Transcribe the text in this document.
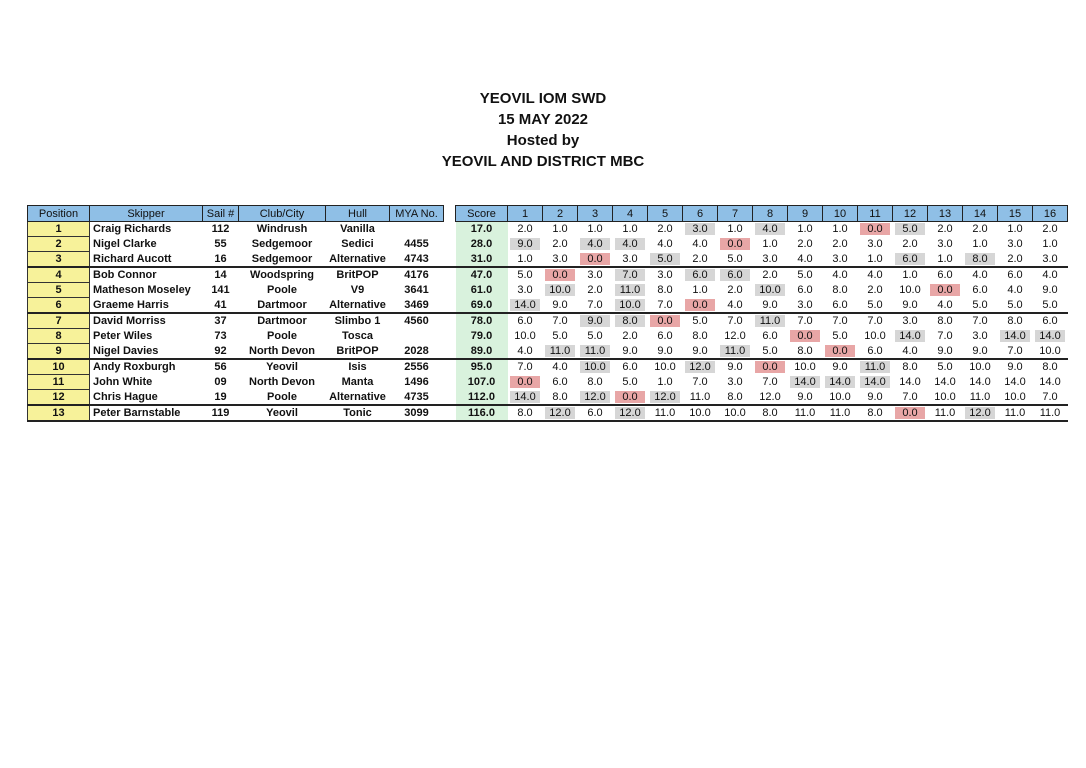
YEOVIL IOM SWD
15 MAY 2022
Hosted by
YEOVIL AND DISTRICT MBC
Position	Skipper	Sail #	Club/City	Hull	MYA No.		Score	1	2	3	4	5	6	7	8	9	10	11	12	13	14	15	16
1	Craig Richards	112	Windrush	Vanilla			17.0	2.0	1.0	1.0	1.0	2.0	3.0	1.0	4.0	1.0	1.0	0.0	5.0	2.0	2.0	1.0	2.0
2	Nigel Clarke	55	Sedgemoor	Sedici	4455		28.0	9.0	2.0	4.0	4.0	4.0	4.0	0.0	1.0	2.0	2.0	3.0	2.0	3.0	1.0	3.0	1.0
3	Richard Aucott	16	Sedgemoor	Alternative	4743		31.0	1.0	3.0	0.0	3.0	5.0	2.0	5.0	3.0	4.0	3.0	1.0	6.0	1.0	8.0	2.0	3.0
4	Bob Connor	14	Woodspring	BritPOP	4176		47.0	5.0	0.0	3.0	7.0	3.0	6.0	6.0	2.0	5.0	4.0	4.0	1.0	6.0	4.0	6.0	4.0
5	Matheson Moseley	141	Poole	V9	3641		61.0	3.0	10.0	2.0	11.0	8.0	1.0	2.0	10.0	6.0	8.0	2.0	10.0	0.0	6.0	4.0	9.0
6	Graeme Harris	41	Dartmoor	Alternative	3469		69.0	14.0	9.0	7.0	10.0	7.0	0.0	4.0	9.0	3.0	6.0	5.0	9.0	4.0	5.0	5.0	5.0
7	David Morriss	37	Dartmoor	Slimbo 1	4560		78.0	6.0	7.0	9.0	8.0	0.0	5.0	7.0	11.0	7.0	7.0	7.0	3.0	8.0	7.0	8.0	6.0
8	Peter Wiles	73	Poole	Tosca			79.0	10.0	5.0	5.0	2.0	6.0	8.0	12.0	6.0	0.0	5.0	10.0	14.0	7.0	3.0	14.0	14.0
9	Nigel Davies	92	North Devon	BritPOP	2028		89.0	4.0	11.0	11.0	9.0	9.0	9.0	11.0	5.0	8.0	0.0	6.0	4.0	9.0	9.0	7.0	10.0
10	Andy Roxburgh	56	Yeovil	Isis	2556		95.0	7.0	4.0	10.0	6.0	10.0	12.0	9.0	0.0	10.0	9.0	11.0	8.0	5.0	10.0	9.0	8.0
11	John White	09	North Devon	Manta	1496		107.0	0.0	6.0	8.0	5.0	1.0	7.0	3.0	7.0	14.0	14.0	14.0	14.0	14.0	14.0	14.0	14.0
12	Chris Hague	19	Poole	Alternative	4735		112.0	14.0	8.0	12.0	0.0	12.0	11.0	8.0	12.0	9.0	10.0	9.0	7.0	10.0	11.0	10.0	7.0
13	Peter Barnstable	119	Yeovil	Tonic	3099		116.0	8.0	12.0	6.0	12.0	11.0	10.0	10.0	8.0	11.0	11.0	8.0	0.0	11.0	12.0	11.0	11.0
